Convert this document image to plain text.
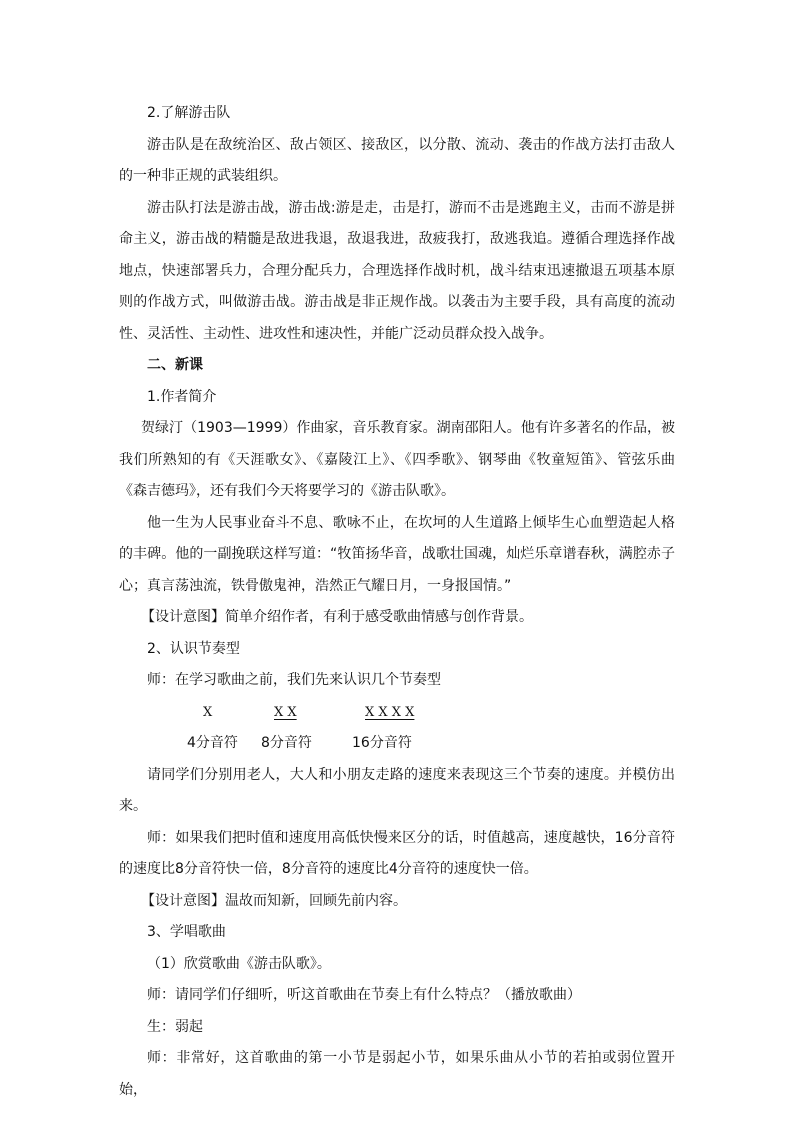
2.了解游击队

游击队是在敌统治区、敌占领区、接敌区，以分散、流动、袭击的作战方法打击敌人的一种非正规的武装组织。

游击队打法是游击战，游击战:游是走，击是打，游而不击是逃跑主义，击而不游是拼命主义，游击战的精髓是敌进我退，敌退我进，敌疲我打，敌逃我追。遵循合理选择作战地点，快速部署兵力，合理分配兵力，合理选择作战时机，战斗结束迅速撤退五项基本原则的作战方式，叫做游击战。游击战是非正规作战。以袭击为主要手段，具有高度的流动性、灵活性、主动性、进攻性和速决性，并能广泛动员群众投入战争。

二、新课

1.作者简介

贺绿汀（1903—1999）作曲家，音乐教育家。湖南邵阳人。他有许多著名的作品，被我们所熟知的有《天涯歌女》、《嘉陵江上》、《四季歌》、钢琴曲《牧童短笛》、管弦乐曲《森吉德玛》，还有我们今天将要学习的《游击队歌》。

他一生为人民事业奋斗不息、歌咏不止，在坎坷的人生道路上倾毕生心血塑造起人格的丰碑。他的一副挽联这样写道：“牧笛扬华音，战歌壮国魂，灿烂乐章谱春秋，满腔赤子心；真言荡浊流，铁骨傲鬼神，浩然正气耀日月，一身报国情。”

【设计意图】简单介绍作者，有利于感受歌曲情感与创作背景。

2、认识节奏型

师：在学习歌曲之前，我们先来认识几个节奏型

X	X X	X X X X
4分音符 8分音符	16分音符

请同学们分别用老人，大人和小朋友走路的速度来表现这三个节奏的速度。并模仿出来。

师：如果我们把时值和速度用高低快慢来区分的话，时值越高，速度越快，16分音符的速度比8分音符快一倍，8分音符的速度比4分音符的速度快一倍。

【设计意图】温故而知新，回顾先前内容。

3、学唱歌曲

（1）欣赏歌曲《游击队歌》。

师：请同学们仔细听，听这首歌曲在节奏上有什么特点？（播放歌曲）

生：弱起

师：非常好，这首歌曲的第一小节是弱起小节，如果乐曲从小节的若拍或弱位置开始，
